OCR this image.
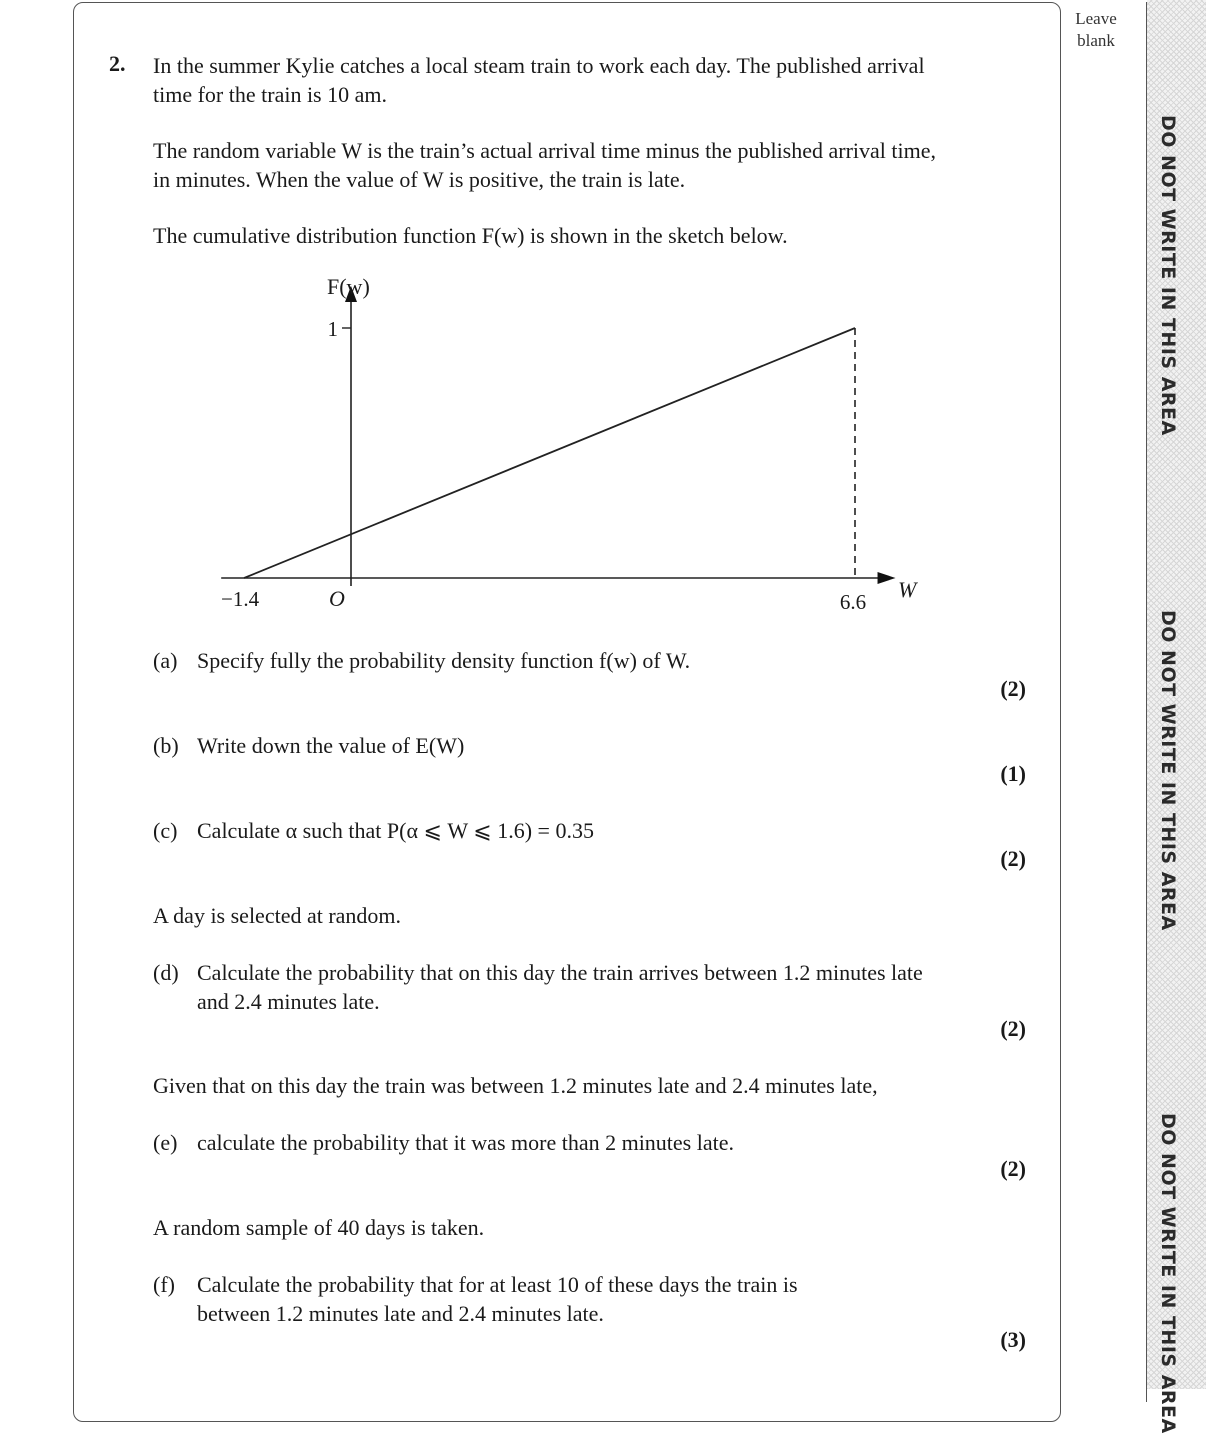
Leave
blank
DO NOT WRITE IN THIS AREA
DO NOT WRITE IN THIS AREA
DO NOT WRITE IN THIS AREA
2. In the summer Kylie catches a local steam train to work each day. The published arrival
time for the train is 10 am.
The random variable W is the train’s actual arrival time minus the published arrival time,
in minutes. When the value of W is positive, the train is late.
The cumulative distribution function F(w) is shown in the sketch below.
F(w)
1
W
O
−1.4	6.6
(a) Specify fully the probability density function f(w) of W.
(2)
(b) Write down the value of E(W)
(1)
(c) Calculate α such that P(α ⩽ W ⩽ 1.6) = 0.35
(2)
A day is selected at random.
(d) Calculate the probability that on this day the train arrives between 1.2 minutes late
and 2.4 minutes late.
(2)
Given that on this day the train was between 1.2 minutes late and 2.4 minutes late,
(e) calculate the probability that it was more than 2 minutes late.
(2)
A random sample of 40 days is taken.
(f) Calculate the probability that for at least 10 of these days the train is
between 1.2 minutes late and 2.4 minutes late.
(3)
